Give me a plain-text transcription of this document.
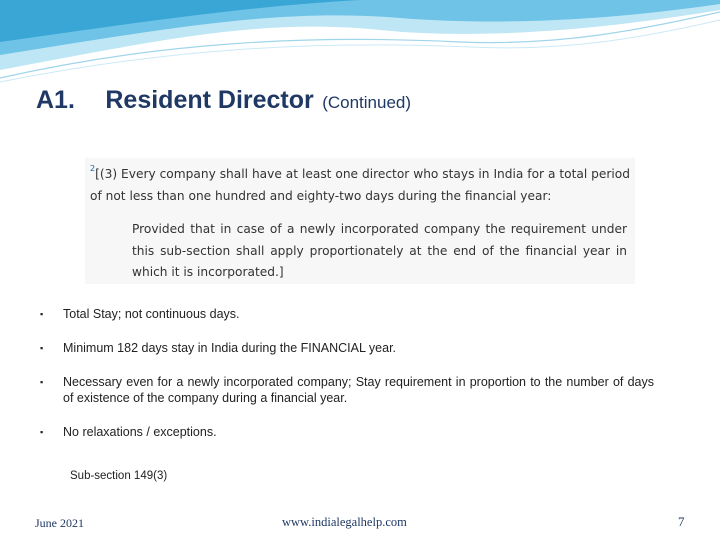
A1. Resident Director (Continued)
$^2$[(3) Every company shall have at least one director who stays in India for a total period of not less than one hundred and eighty-two days during the financial year:
Provided that in case of a newly incorporated company the requirement under this sub-section shall apply proportionately at the end of the financial year in which it is incorporated.]
▪ Total Stay; not continuous days.
▪ Minimum 182 days stay in India during the FINANCIAL year.
▪ Necessary even for a newly incorporated company; Stay requirement in proportion to the number of days of existence of the company during a financial year.
▪ No relaxations / exceptions.
Sub-section 149(3)
June 2021	www.indialegalhelp.com	7
